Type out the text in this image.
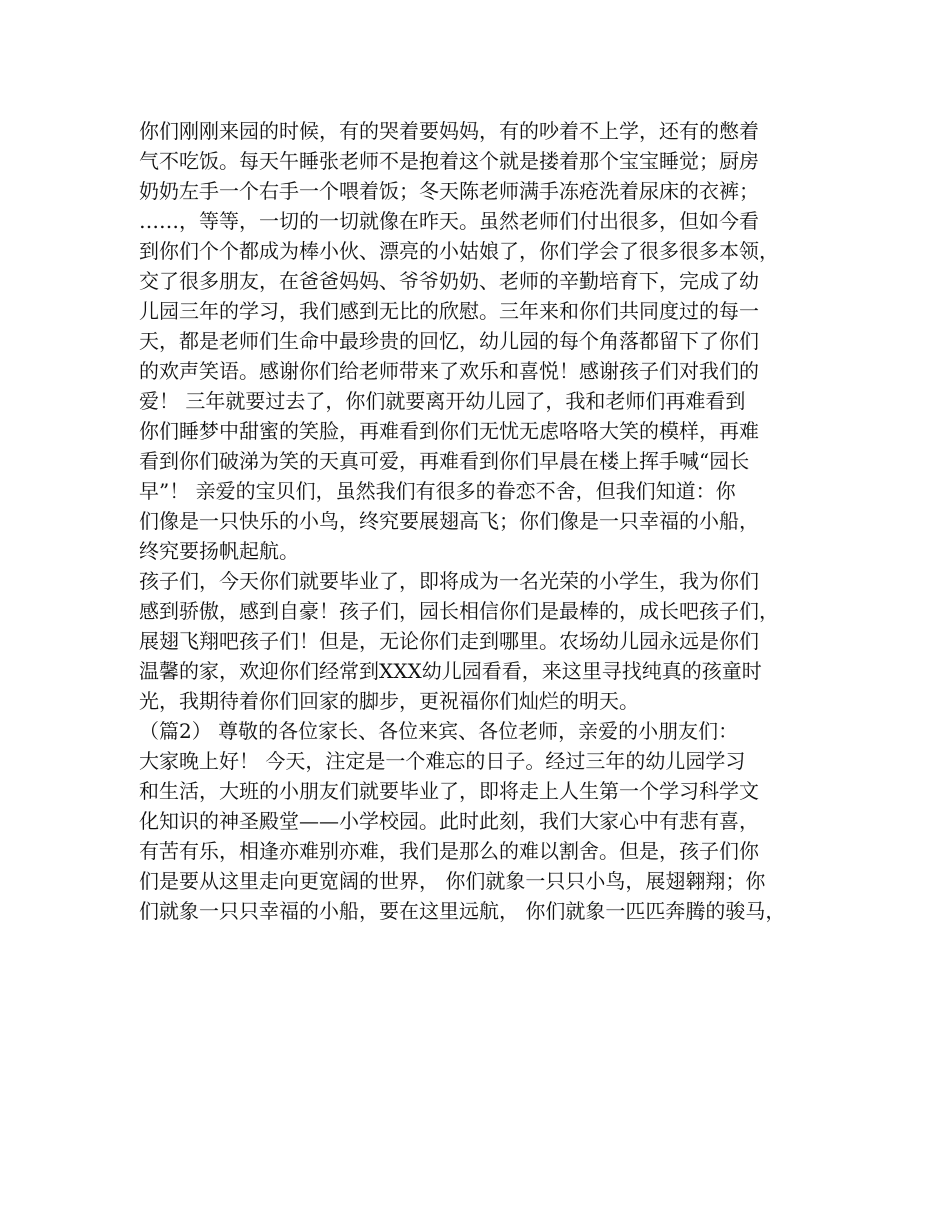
你们刚刚来园的时候，有的哭着要妈妈，有的吵着不上学，还有的憋着
气不吃饭。每天午睡张老师不是抱着这个就是搂着那个宝宝睡觉；厨房
奶奶左手一个右手一个喂着饭；冬天陈老师满手冻疮洗着尿床的衣裤；
……，等等，一切的一切就像在昨天。虽然老师们付出很多，但如今看
到你们个个都成为棒小伙、漂亮的小姑娘了，你们学会了很多很多本领，
交了很多朋友，在爸爸妈妈、爷爷奶奶、老师的辛勤培育下，完成了幼
儿园三年的学习，我们感到无比的欣慰。三年来和你们共同度过的每一
天，都是老师们生命中最珍贵的回忆，幼儿园的每个角落都留下了你们
的欢声笑语。感谢你们给老师带来了欢乐和喜悦！感谢孩子们对我们的
爱！ 三年就要过去了，你们就要离开幼儿园了，我和老师们再难看到
你们睡梦中甜蜜的笑脸，再难看到你们无忧无虑咯咯大笑的模样，再难
看到你们破涕为笑的天真可爱，再难看到你们早晨在楼上挥手喊“园长
早”！ 亲爱的宝贝们，虽然我们有很多的眷恋不舍，但我们知道：你
们像是一只快乐的小鸟，终究要展翅高飞；你们像是一只幸福的小船，
终究要扬帆起航。
孩子们，今天你们就要毕业了，即将成为一名光荣的小学生，我为你们
感到骄傲，感到自豪！孩子们，园长相信你们是最棒的，成长吧孩子们，
展翅飞翔吧孩子们！但是，无论你们走到哪里。农场幼儿园永远是你们
温馨的家，欢迎你们经常到XXX幼儿园看看，来这里寻找纯真的孩童时
光，我期待着你们回家的脚步，更祝福你们灿烂的明天。
（篇2） 尊敬的各位家长、各位来宾、各位老师，亲爱的小朋友们：
大家晚上好！ 今天，注定是一个难忘的日子。经过三年的幼儿园学习
和生活，大班的小朋友们就要毕业了，即将走上人生第一个学习科学文
化知识的神圣殿堂——小学校园。此时此刻，我们大家心中有悲有喜，
有苦有乐，相逢亦难别亦难，我们是那么的难以割舍。但是，孩子们你
们是要从这里走向更宽阔的世界， 你们就象一只只小鸟，展翅翱翔；你
们就象一只只幸福的小船，要在这里远航， 你们就象一匹匹奔腾的骏马，
